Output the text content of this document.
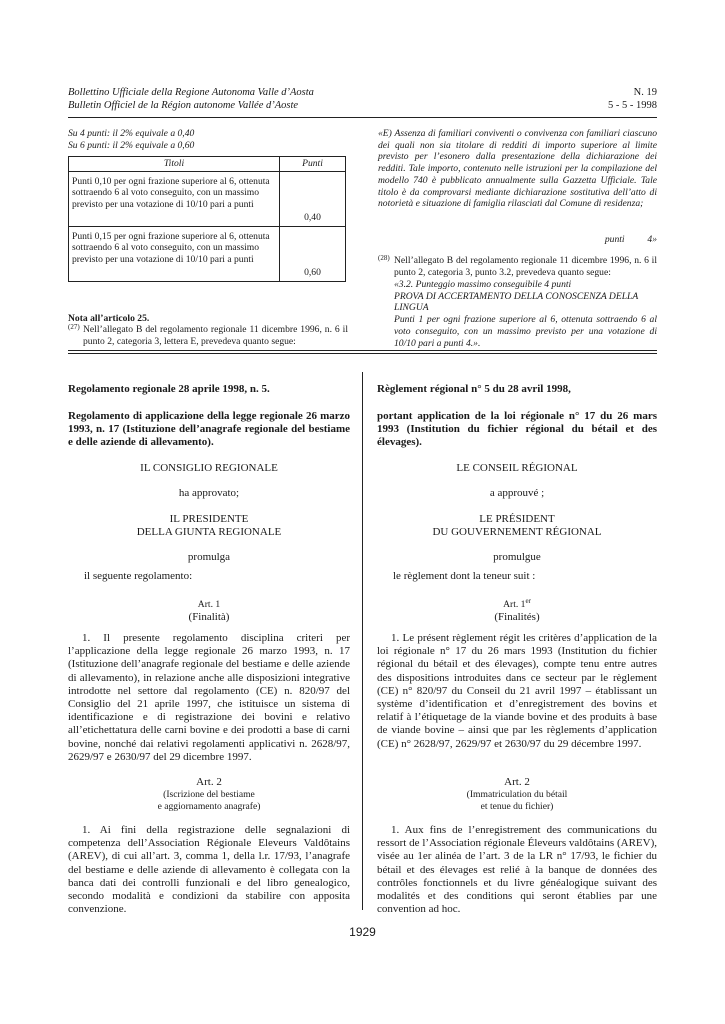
Bollettino Ufficiale della Regione Autonoma Valle d’Aosta
Bulletin Officiel de la Région autonome Vallée d’Aoste
N. 19
5 - 5 - 1998
Su 4 punti: il 2% equivale a 0,40
Su 6 punti: il 2% equivale a 0,60
Titoli	Punti
Punti 0,10 per ogni frazione superiore al 6, ottenuta sottraendo 6 al voto conseguito, con un massimo previsto per una votazione di 10/10 pari a punti	0,40
Punti 0,15 per ogni frazione superiore al 6, ottenuta sottraendo 6 al voto conseguito, con un massimo previsto per una votazione di 10/10 pari a punti	0,60
Nota all’articolo 25.
$^{(27)}$ Nell’allegato B del regolamento regionale 11 dicembre 1996, n. 6 il punto 2, categoria 3, lettera E, prevedeva quanto segue:
«E) Assenza di familiari conviventi o convivenza con familiari ciascuno dei quali non sia titolare di redditi di importo superiore al limite previsto per l’esonero dalla presentazione della dichiarazione dei redditi. Tale importo, contenuto nelle istruzioni per la compilazione del modello 740 è pubblicato annualmente sulla Gazzetta Ufficiale. Tale titolo è da comprovarsi mediante dichiarazione sostitutiva dell’atto di notorietà e situazione di famiglia rilasciati dal Comune di residenza;
punti 4»
$^{(28)}$ Nell’allegato B del regolamento regionale 11 dicembre 1996, n. 6 il punto 2, categoria 3, punto 3.2, prevedeva quanto segue:
«3.2. Punteggio massimo conseguibile 4 punti
PROVA DI ACCERTAMENTO DELLA CONOSCENZA DELLA LINGUA
Punti 1 per ogni frazione superiore al 6, ottenuta sottraendo 6 al voto conseguito, con un massimo previsto per una votazione di 10/10 pari a punti 4.».
Regolamento regionale 28 aprile 1998, n. 5.
Regolamento di applicazione della legge regionale 26 marzo 1993, n. 17 (Istituzione dell’anagrafe regionale del bestiame e delle aziende di allevamento).
IL CONSIGLIO REGIONALE
ha approvato;
IL PRESIDENTE
DELLA GIUNTA REGIONALE
promulga
il seguente regolamento:
Art. 1
(Finalità)
1. Il presente regolamento disciplina criteri per l’applicazione della legge regionale 26 marzo 1993, n. 17 (Istituzione dell’anagrafe regionale del bestiame e delle aziende di allevamento), in relazione anche alle disposizioni integrative introdotte nel settore dal regolamento (CE) n. 820/97 del Consiglio del 21 aprile 1997, che istituisce un sistema di identificazione e di registrazione dei bovini e relativo all’etichettatura delle carni bovine e dei prodotti a base di carni bovine, nonché dai relativi regolamenti applicativi n. 2628/97, 2629/97 e 2630/97 del 29 dicembre 1997.
Art. 2
(Iscrizione del bestiame
e aggiornamento anagrafe)
1. Ai fini della registrazione delle segnalazioni di competenza dell’Association Régionale Eleveurs Valdôtains (AREV), di cui all’art. 3, comma 1, della l.r. 17/93, l’anagrafe del bestiame e delle aziende di allevamento è collegata con la banca dati dei controlli funzionali e del libro genealogico, secondo modalità e condizioni da stabilire con apposita convenzione.
Règlement régional n° 5 du 28 avril 1998,
portant application de la loi régionale n° 17 du 26 mars 1993 (Institution du fichier régional du bétail et des élevages).
LE CONSEIL RÉGIONAL
a approuvé ;
LE PRÉSIDENT
DU GOUVERNEMENT RÉGIONAL
promulgue
le règlement dont la teneur suit :
Art. 1er
(Finalités)
1. Le présent règlement régit les critères d’application de la loi régionale n° 17 du 26 mars 1993 (Institution du fichier régional du bétail et des élevages), compte tenu entre autres des dispositions introduites dans ce secteur par le règlement (CE) n° 820/97 du Conseil du 21 avril 1997 – établissant un système d’identification et d’enregistrement des bovins et relatif à l’étiquetage de la viande bovine et des produits à base de viande bovine – ainsi que par les règlements d’application (CE) n° 2628/97, 2629/97 et 2630/97 du 29 décembre 1997.
Art. 2
(Immatriculation du bétail
et tenue du fichier)
1. Aux fins de l’enregistrement des communications du ressort de l’Association régionale Éleveurs valdôtains (AREV), visée au 1er alinéa de l’art. 3 de la LR n° 17/93, le fichier du bétail et des élevages est relié à la banque de données des contrôles fonctionnels et du livre généalogique suivant des modalités et des conditions qui seront établies par une convention ad hoc.
1929
